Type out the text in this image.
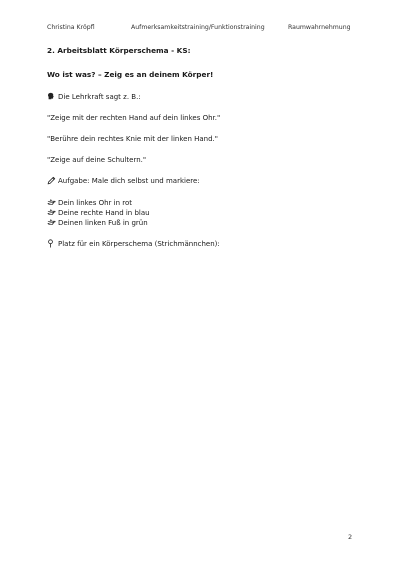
Christina Kröpfl	Aufmerksamkeitstraining/Funktionstraining	Raumwahrnehmung
2. Arbeitsblatt Körperschema - KS:
Wo ist was? – Zeig es an deinem Körper!
Die Lehrkraft sagt z. B.:
"Zeige mit der rechten Hand auf dein linkes Ohr."
"Berühre dein rechtes Knie mit der linken Hand."
"Zeige auf deine Schultern."
Aufgabe: Male dich selbst und markiere:
Dein linkes Ohr in rot
Deine rechte Hand in blau
Deinen linken Fuß in grün
Platz für ein Körperschema (Strichmännchen):
2
